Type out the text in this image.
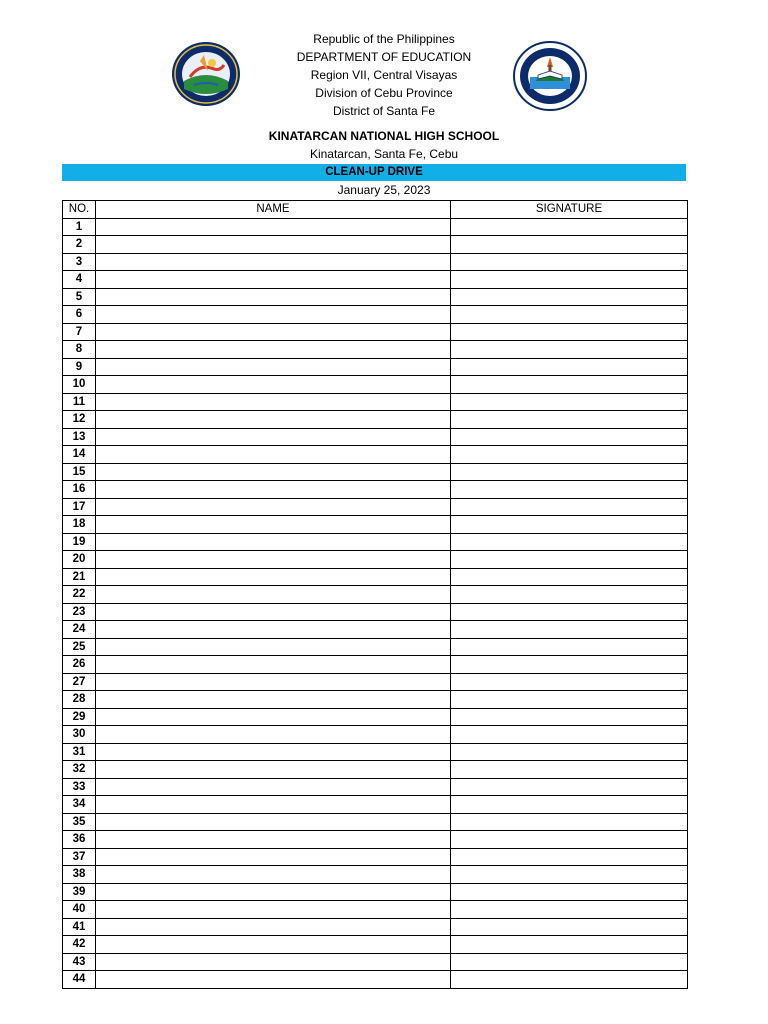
Republic of the Philippines
DEPARTMENT OF EDUCATION
Region VII, Central Visayas
Division of Cebu Province
District of Santa Fe
KINATARCAN NATIONAL HIGH SCHOOL
Kinatarcan, Santa Fe, Cebu
CLEAN-UP DRIVE
January 25, 2023
NO.	NAME	SIGNATURE
1		
2		
3		
4		
5		
6		
7		
8		
9		
10		
11		
12		
13		
14		
15		
16		
17		
18		
19		
20		
21		
22		
23		
24		
25		
26		
27		
28		
29		
30		
31		
32		
33		
34		
35		
36		
37		
38		
39		
40		
41		
42		
43		
44		
